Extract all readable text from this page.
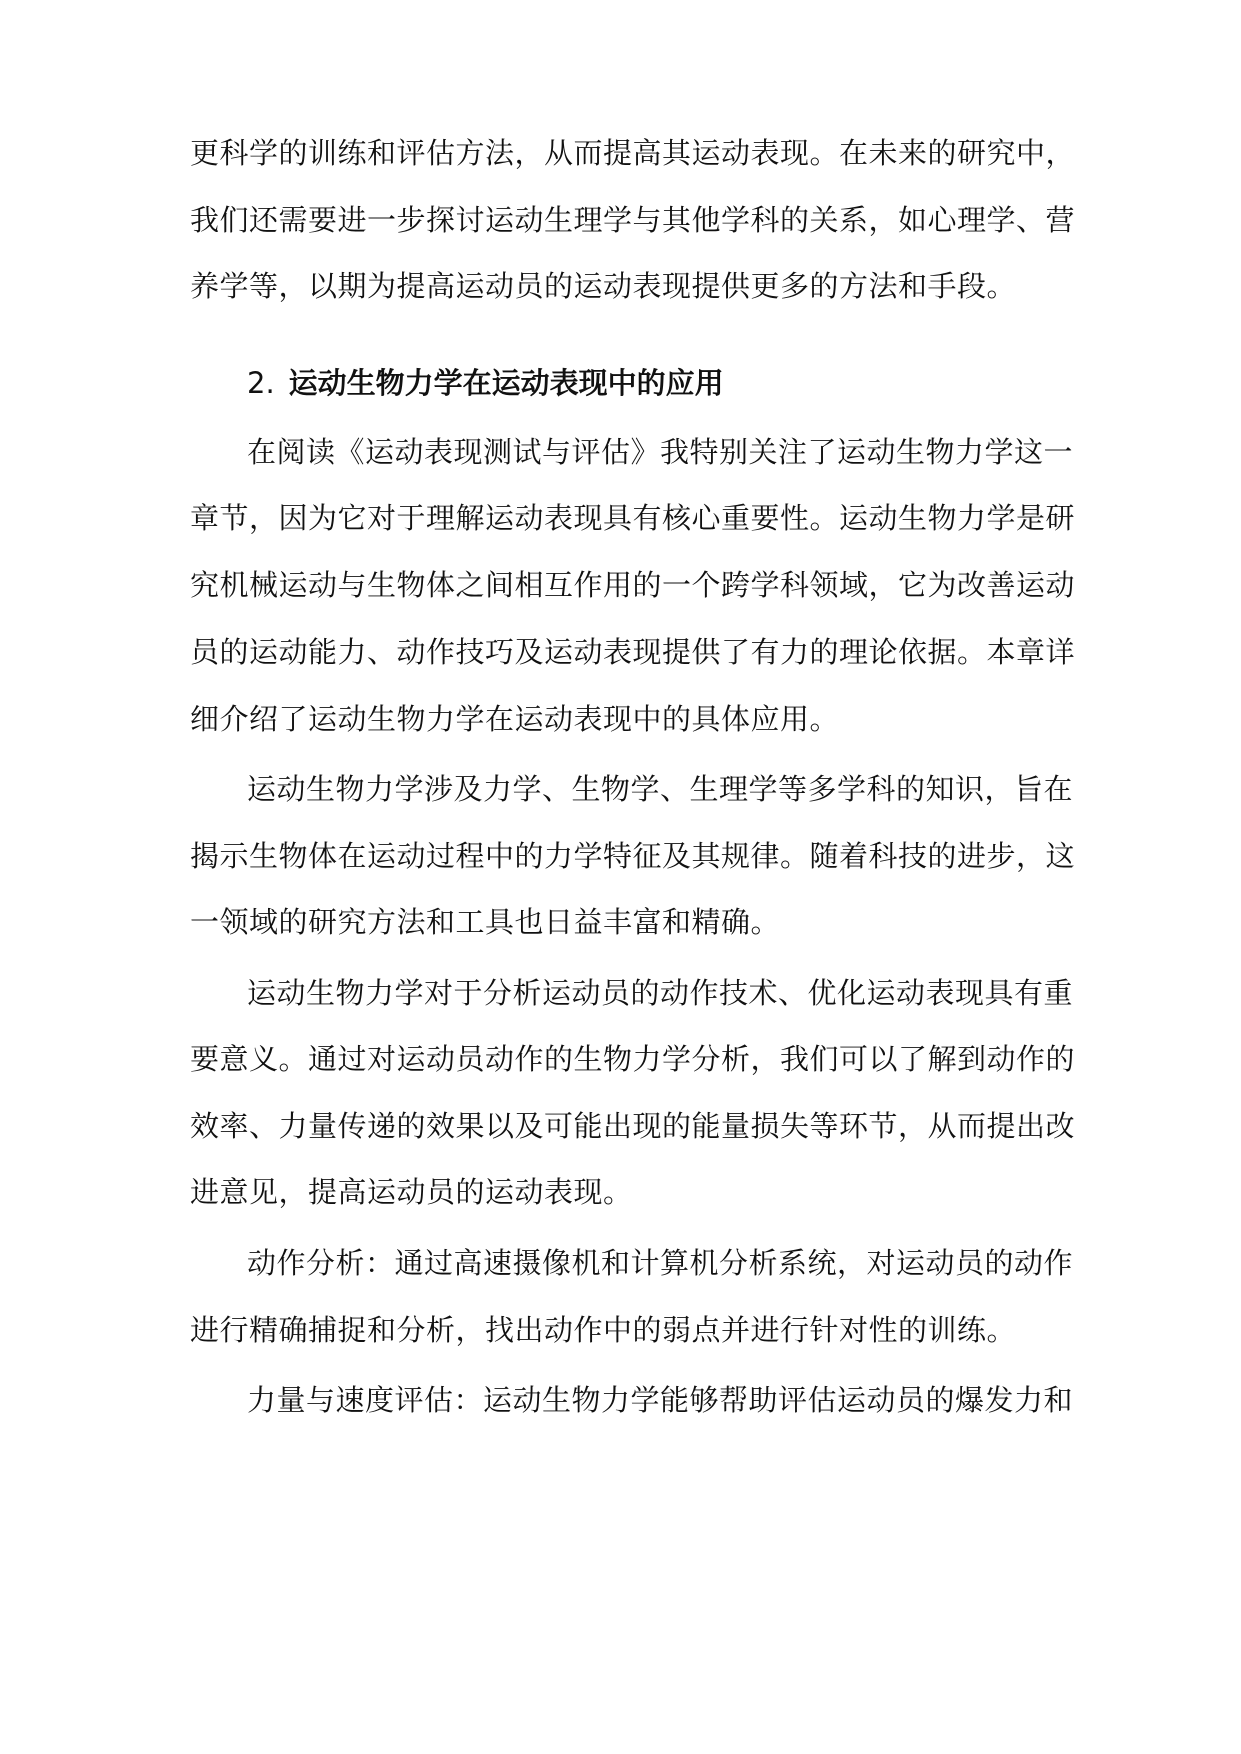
更科学的训练和评估方法，从而提高其运动表现。在未来的研究中，
我们还需要进一步探讨运动生理学与其他学科的关系，如心理学、营
养学等，以期为提高运动员的运动表现提供更多的方法和手段。
2. 运动生物力学在运动表现中的应用
在阅读《运动表现测试与评估》我特别关注了运动生物力学这一
章节，因为它对于理解运动表现具有核心重要性。运动生物力学是研
究机械运动与生物体之间相互作用的一个跨学科领域，它为改善运动
员的运动能力、动作技巧及运动表现提供了有力的理论依据。本章详
细介绍了运动生物力学在运动表现中的具体应用。
运动生物力学涉及力学、生物学、生理学等多学科的知识，旨在
揭示生物体在运动过程中的力学特征及其规律。随着科技的进步，这
一领域的研究方法和工具也日益丰富和精确。
运动生物力学对于分析运动员的动作技术、优化运动表现具有重
要意义。通过对运动员动作的生物力学分析，我们可以了解到动作的
效率、力量传递的效果以及可能出现的能量损失等环节，从而提出改
进意见，提高运动员的运动表现。
动作分析：通过高速摄像机和计算机分析系统，对运动员的动作
进行精确捕捉和分析，找出动作中的弱点并进行针对性的训练。
力量与速度评估：运动生物力学能够帮助评估运动员的爆发力和
